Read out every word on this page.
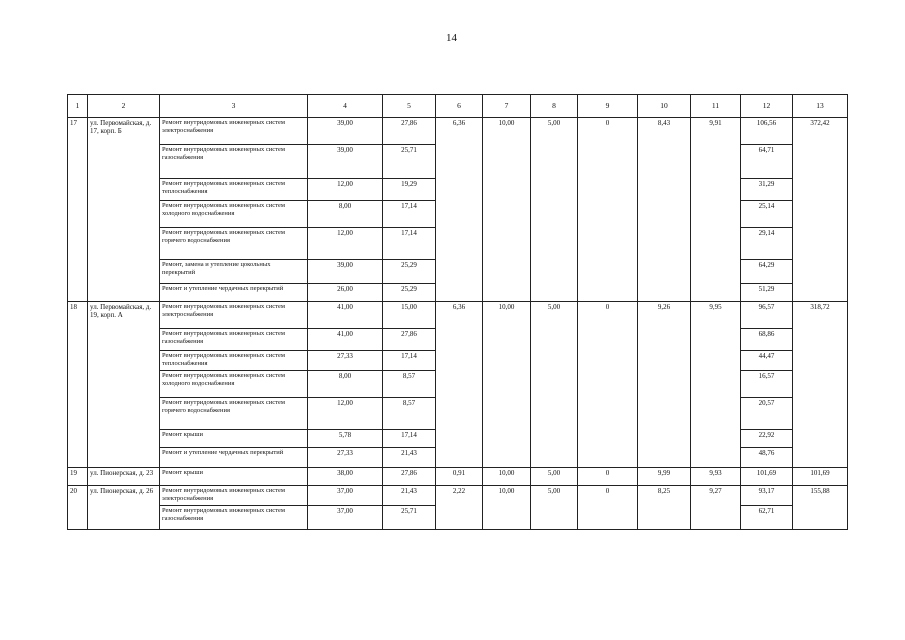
14
1	2	3	4	5	6	7	8	9	10	11	12	13
17	ул. Первомайская, д. 17, корп. Б	Ремонт внутридомовых инженерных систем электроснабжения	39,00	27,86	6,36	10,00	5,00	0	8,43	9,91	106,56	372,42
		Ремонт внутридомовых инженерных систем газоснабжения	39,00	25,71							64,71	
		Ремонт внутридомовых инженерных систем теплоснабжения	12,00	19,29							31,29	
		Ремонт внутридомовых инженерных систем холодного водоснабжения	8,00	17,14							25,14	
		Ремонт внутридомовых инженерных систем горячего водоснабжения	12,00	17,14							29,14	
		Ремонт, замена и утепление цокольных перекрытий	39,00	25,29							64,29	
		Ремонт и утепление чердачных перекрытий	26,00	25,29							51,29	
18	ул. Первомайская, д. 19, корп. А	Ремонт внутридомовых инженерных систем электроснабжения	41,00	15,00	6,36	10,00	5,00	0	9,26	9,95	96,57	318,72
		Ремонт внутридомовых инженерных систем газоснабжения	41,00	27,86							68,86	
		Ремонт внутридомовых инженерных систем теплоснабжения	27,33	17,14							44,47	
		Ремонт внутридомовых инженерных систем холодного водоснабжения	8,00	8,57							16,57	
		Ремонт внутридомовых инженерных систем горячего водоснабжения	12,00	8,57							20,57	
		Ремонт крыши	5,78	17,14							22,92	
		Ремонт и утепление чердачных перекрытий	27,33	21,43							48,76	
19	ул. Пионерская, д. 23	Ремонт крыши	38,00	27,86	0,91	10,00	5,00	0	9,99	9,93	101,69	101,69
20	ул. Пионерская, д. 26	Ремонт внутридомовых инженерных систем электроснабжения	37,00	21,43	2,22	10,00	5,00	0	8,25	9,27	93,17	155,88
		Ремонт внутридомовых инженерных систем газоснабжения	37,00	25,71							62,71	
